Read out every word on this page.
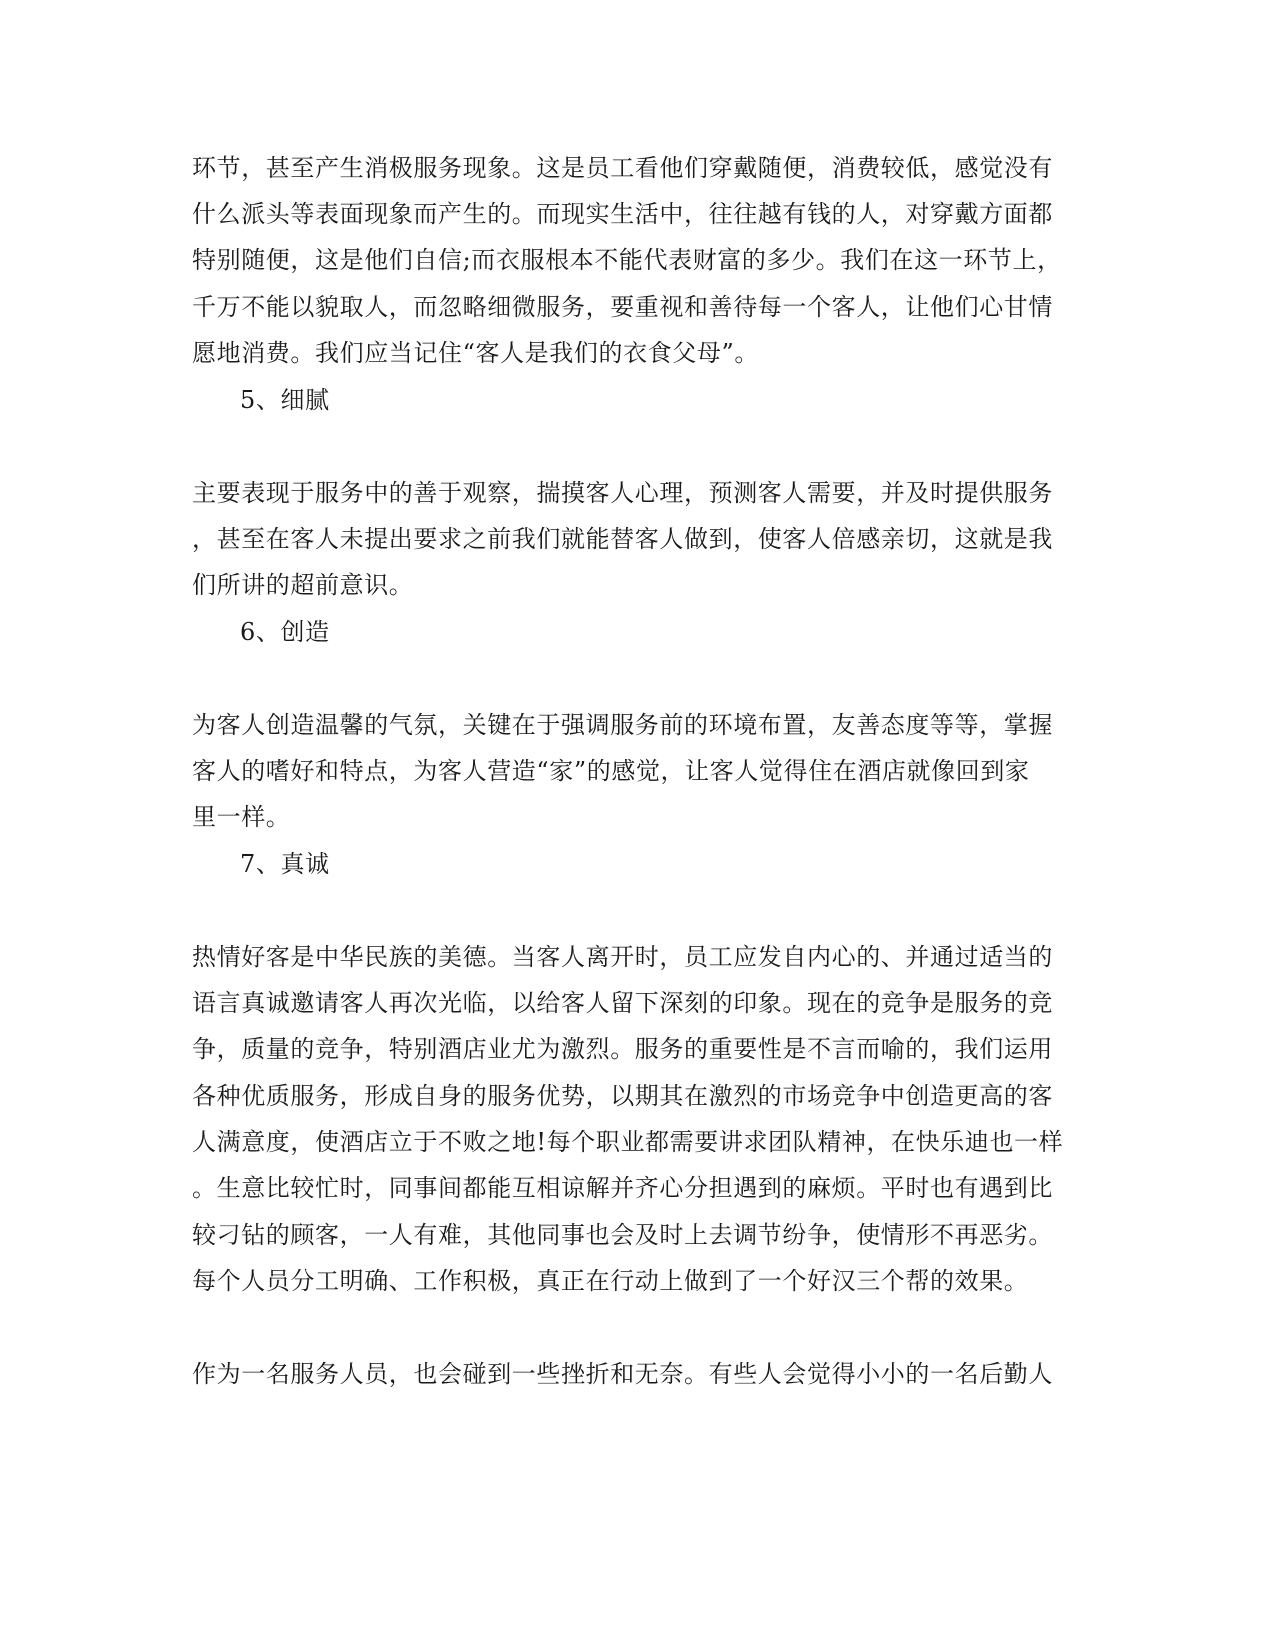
环节，甚至产生消极服务现象。这是员工看他们穿戴随便，消费较低，感觉没有
什么派头等表面现象而产生的。而现实生活中，往往越有钱的人，对穿戴方面都
特别随便，这是他们自信;而衣服根本不能代表财富的多少。我们在这一环节上，
千万不能以貌取人，而忽略细微服务，要重视和善待每一个客人，让他们心甘情
愿地消费。我们应当记住“客人是我们的衣食父母”。
5、细腻
主要表现于服务中的善于观察，揣摸客人心理，预测客人需要，并及时提供服务
，甚至在客人未提出要求之前我们就能替客人做到，使客人倍感亲切，这就是我
们所讲的超前意识。
6、创造
为客人创造温馨的气氛，关键在于强调服务前的环境布置，友善态度等等，掌握
客人的嗜好和特点，为客人营造“家”的感觉，让客人觉得住在酒店就像回到家
里一样。
7、真诚
热情好客是中华民族的美德。当客人离开时，员工应发自内心的、并通过适当的
语言真诚邀请客人再次光临，以给客人留下深刻的印象。现在的竞争是服务的竞
争，质量的竞争，特别酒店业尤为激烈。服务的重要性是不言而喻的，我们运用
各种优质服务，形成自身的服务优势，以期其在激烈的市场竞争中创造更高的客
人满意度，使酒店立于不败之地!每个职业都需要讲求团队精神，在快乐迪也一样
。生意比较忙时，同事间都能互相谅解并齐心分担遇到的麻烦。平时也有遇到比
较刁钻的顾客，一人有难，其他同事也会及时上去调节纷争，使情形不再恶劣。
每个人员分工明确、工作积极，真正在行动上做到了一个好汉三个帮的效果。
作为一名服务人员，也会碰到一些挫折和无奈。有些人会觉得小小的一名后勤人
